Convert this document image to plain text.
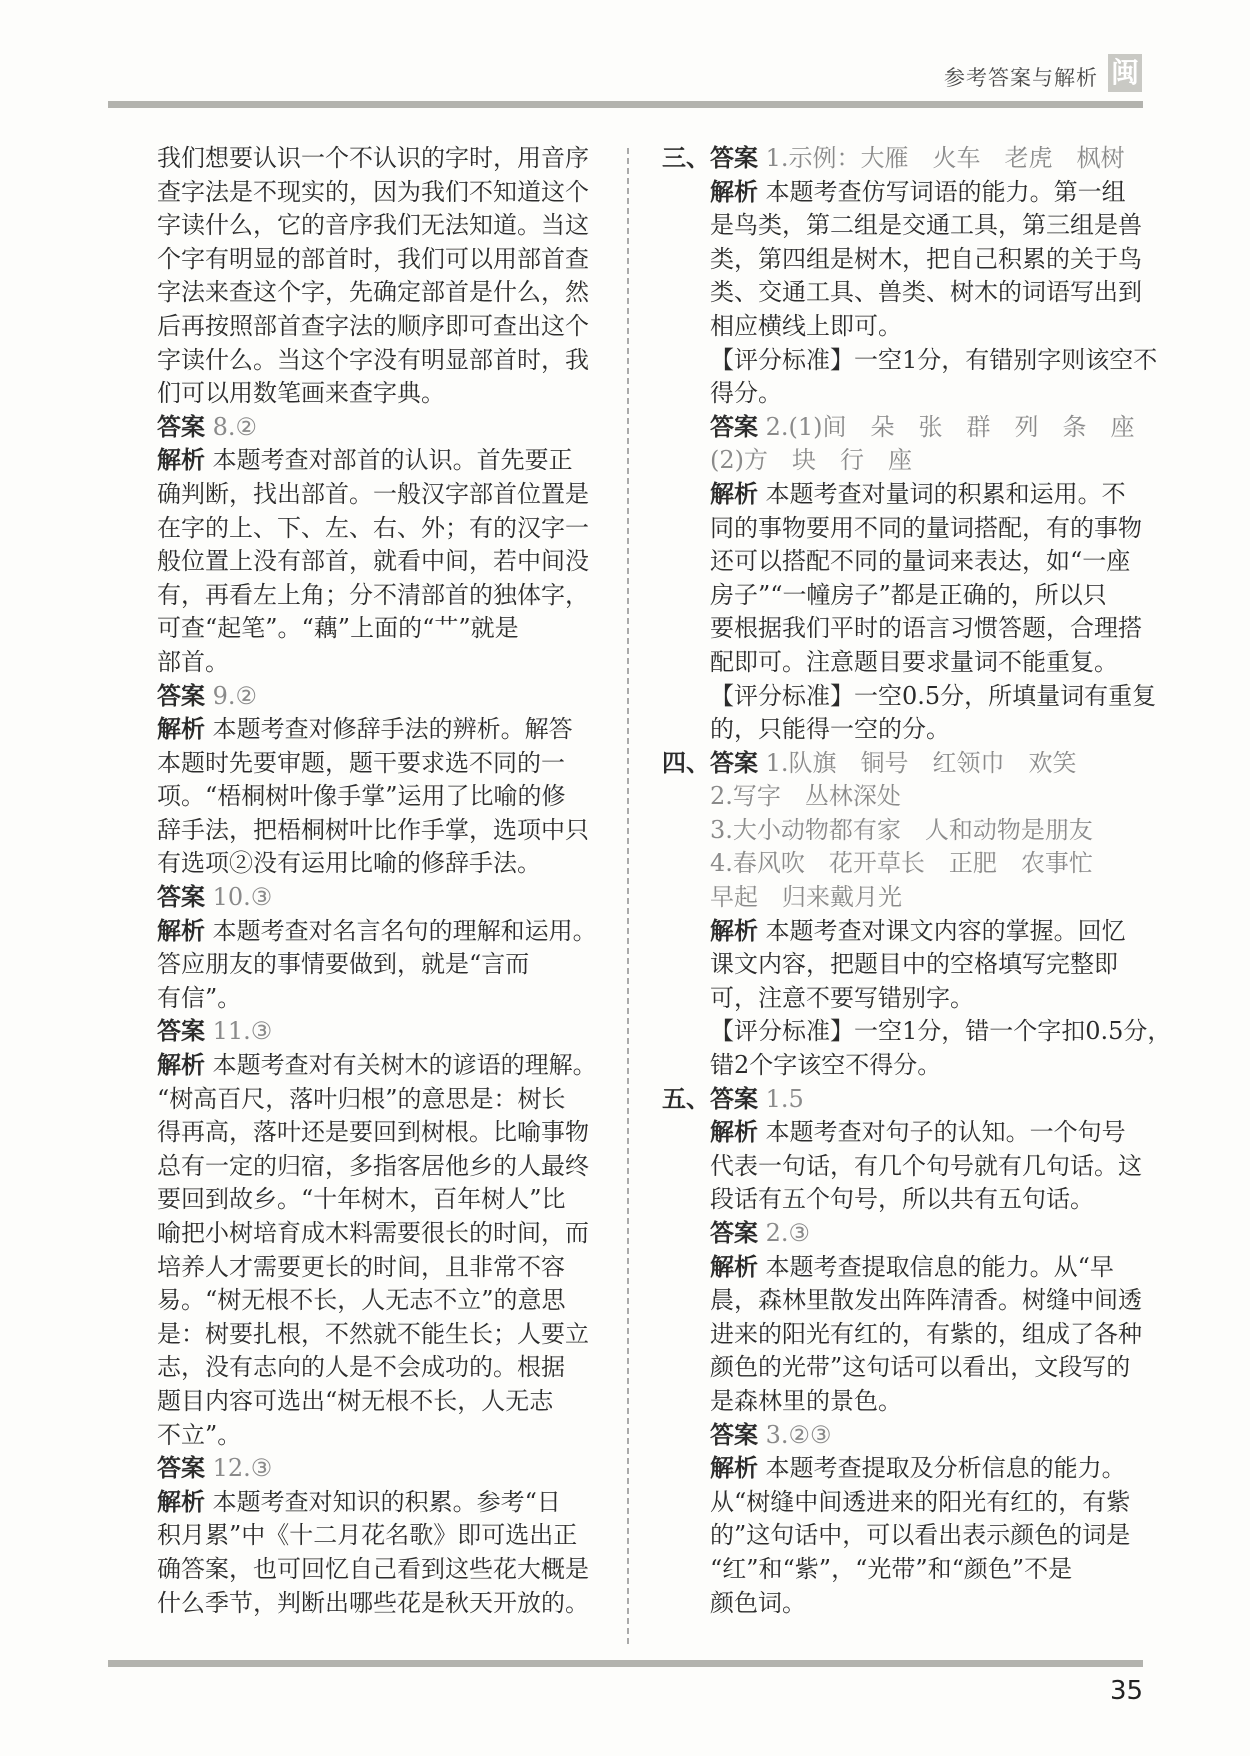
参考答案与解析 闽
我们想要认识一个不认识的字时，用音序
查字法是不现实的，因为我们不知道这个
字读什么，它的音序我们无法知道。当这
个字有明显的部首时，我们可以用部首查
字法来查这个字，先确定部首是什么，然
后再按照部首查字法的顺序即可查出这个
字读什么。当这个字没有明显部首时，我
们可以用数笔画来查字典。
答案 8.②
解析 本题考查对部首的认识。首先要正
确判断，找出部首。一般汉字部首位置是
在字的上、下、左、右、外；有的汉字一
般位置上没有部首，就看中间，若中间没
有，再看左上角；分不清部首的独体字，
可查“起笔”。“藕”上面的“艹”就是
部首。
答案 9.②
解析 本题考查对修辞手法的辨析。解答
本题时先要审题，题干要求选不同的一
项。“梧桐树叶像手掌”运用了比喻的修
辞手法，把梧桐树叶比作手掌，选项中只
有选项②没有运用比喻的修辞手法。
答案 10.③
解析 本题考查对名言名句的理解和运用。
答应朋友的事情要做到，就是“言而
有信”。
答案 11.③
解析 本题考查对有关树木的谚语的理解。
“树高百尺，落叶归根”的意思是：树长
得再高，落叶还是要回到树根。比喻事物
总有一定的归宿，多指客居他乡的人最终
要回到故乡。“十年树木，百年树人”比
喻把小树培育成木料需要很长的时间，而
培养人才需要更长的时间，且非常不容
易。“树无根不长，人无志不立”的意思
是：树要扎根，不然就不能生长；人要立
志，没有志向的人是不会成功的。根据
题目内容可选出“树无根不长，人无志
不立”。
答案 12.③
解析 本题考查对知识的积累。参考“日
积月累”中《十二月花名歌》即可选出正
确答案，也可回忆自己看到这些花大概是
什么季节，判断出哪些花是秋天开放的。
三、答案 1.示例：大雁　火车　老虎　枫树
解析 本题考查仿写词语的能力。第一组
是鸟类，第二组是交通工具，第三组是兽
类，第四组是树木，把自己积累的关于鸟
类、交通工具、兽类、树木的词语写出到
相应横线上即可。
【评分标准】一空1分，有错别字则该空不
得分。
答案 2.(1)间　朵　张　群　列　条　座
(2)方　块　行　座
解析 本题考查对量词的积累和运用。不
同的事物要用不同的量词搭配，有的事物
还可以搭配不同的量词来表达，如“一座
房子”“一幢房子”都是正确的，所以只
要根据我们平时的语言习惯答题，合理搭
配即可。注意题目要求量词不能重复。
【评分标准】一空0.5分，所填量词有重复
的，只能得一空的分。
四、答案 1.队旗　铜号　红领巾　欢笑
2.写字　丛林深处
3.大小动物都有家　人和动物是朋友
4.春风吹　花开草长　正肥　农事忙
早起　归来戴月光
解析 本题考查对课文内容的掌握。回忆
课文内容，把题目中的空格填写完整即
可，注意不要写错别字。
【评分标准】一空1分，错一个字扣0.5分，
错2个字该空不得分。
五、答案 1.5
解析 本题考查对句子的认知。一个句号
代表一句话，有几个句号就有几句话。这
段话有五个句号，所以共有五句话。
答案 2.③
解析 本题考查提取信息的能力。从“早
晨，森林里散发出阵阵清香。树缝中间透
进来的阳光有红的，有紫的，组成了各种
颜色的光带”这句话可以看出，文段写的
是森林里的景色。
答案 3.②③
解析 本题考查提取及分析信息的能力。
从“树缝中间透进来的阳光有红的，有紫
的”这句话中，可以看出表示颜色的词是
“红”和“紫”，“光带”和“颜色”不是
颜色词。
35
